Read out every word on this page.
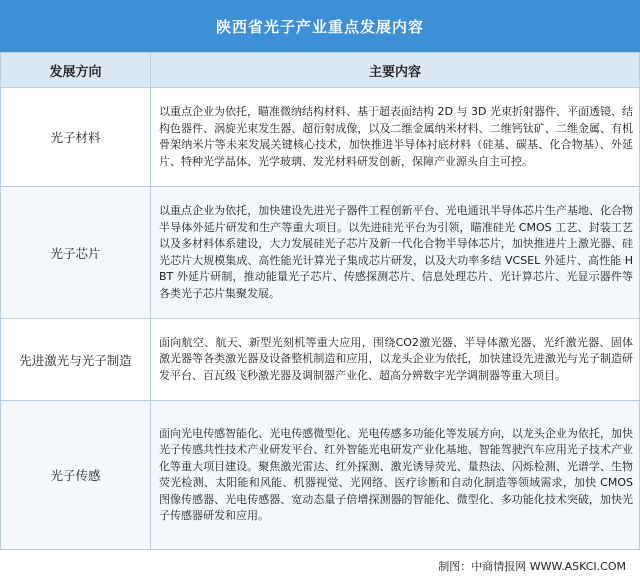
陕西省光子产业重点发展内容
发展方向	主要内容
光子材料	以重点企业为依托，瞄准微纳结构材料、基于超表面结构 2D 与 3D 光束折射器件、平面透镜、结构色器件、涡旋光束发生器、超衍射成像，以及二维金属纳米材料、二维钙钛矿、二维金属、有机骨架纳米片等未来发展关键核心技术，加快推进半导体衬底材料（硅基、碳基、化合物基）、外延片、特种光学晶体、光学玻璃、发光材料研发创新，保障产业源头自主可控。
光子芯片	以重点企业为依托，加快建设先进光子器件工程创新平台、光电通讯半导体芯片生产基地、化合物半导体外延片研发和生产等重大项目。以先进硅光平台为引领，瞄准硅光 CMOS 工艺、封装工艺以及多材料体系建设，大力发展硅光子芯片及新一代化合物半导体芯片，加快推进片上激光器、硅光芯片大规模集成、高性能光计算光子集成芯片研发，以及大功率多结 VCSEL 外延片、高性能 HBT 外延片研制，推动能量光子芯片、传感探测芯片、信息处理芯片、光计算芯片、光显示器件等各类光子芯片集聚发展。
先进激光与光子制造	面向航空、航天、新型光刻机等重大应用，围绕CO2激光器、半导体激光器、光纤激光器、固体激光器等各类激光器及设备整机制造和应用，以龙头企业为依托，加快建设先进激光与光子制造研发平台、百瓦级飞秒激光器及调制器产业化、超高分辨数字光学调制器等重大项目。
光子传感	面向光电传感智能化、光电传感微型化、光电传感多功能化等发展方向，以龙头企业为依托，加快光子传感共性技术产业研发平台、红外智能光电研发产业化基地、智能驾驶汽车应用光子技术产业化等重大项目建设。聚焦激光雷达、红外探测、激光诱导荧光、量热法、闪烁检测、光谱学、生物荧光检测、太阳能和风能、机器视觉、光网络、医疗诊断和自动化制造等领域需求，加快 CMOS 图像传感器、光电传感器、宽动态量子倍增探测器的智能化、微型化、多功能化技术突破，加快光子传感器研发和应用。
制图：中商情报网 WWW.ASKCI.COM
